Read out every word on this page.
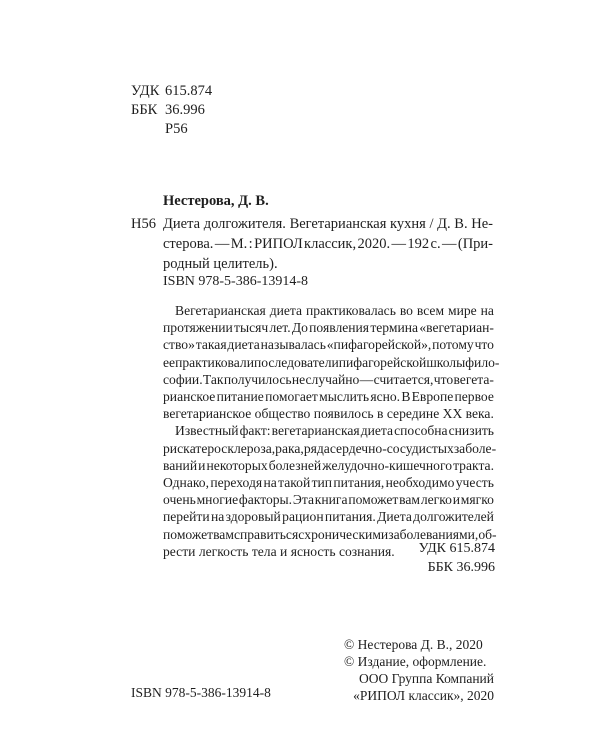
УДК 615.874
ББК 36.996
Р56
Нестерова, Д. В.
Н56 Диета долгожителя. Вегетарианская кухня / Д. В. Не-
стерова. — М. : РИПОЛ классик, 2020. — 192 с. — (При-
родный целитель).
ISBN 978-5-386-13914-8
Вегетарианская диета практиковалась во всем мире на
протяжении тысяч лет. До появления термина «вегетариан-
ство» такая диета называлась «пифагорейской», потому что
ее практиковали последователи пифагорейской школы фило-
софии. Так получилось не случайно — считается, что вегета-
рианское питание помогает мыслить ясно. В Европе первое
вегетарианское общество появилось в середине XX века.
Известный факт: вегетарианская диета способна снизить
риск атеросклероза, рака, ряда сердечно-сосудистых заболе-
ваний и некоторых болезней желудочно-кишечного тракта.
Однако, переходя на такой тип питания, необходимо учесть
очень многие факторы. Эта книга поможет вам легко и мягко
перейти на здоровый рацион питания. Диета долгожителей
поможет вам справиться с хроническими заболеваниями, об-
рести легкость тела и ясность сознания. УДК 615.874
ББК 36.996
© Нестерова Д. В., 2020
© Издание, оформление.
ООО Группа Компаний
«РИПОЛ классик», 2020
ISBN 978-5-386-13914-8
